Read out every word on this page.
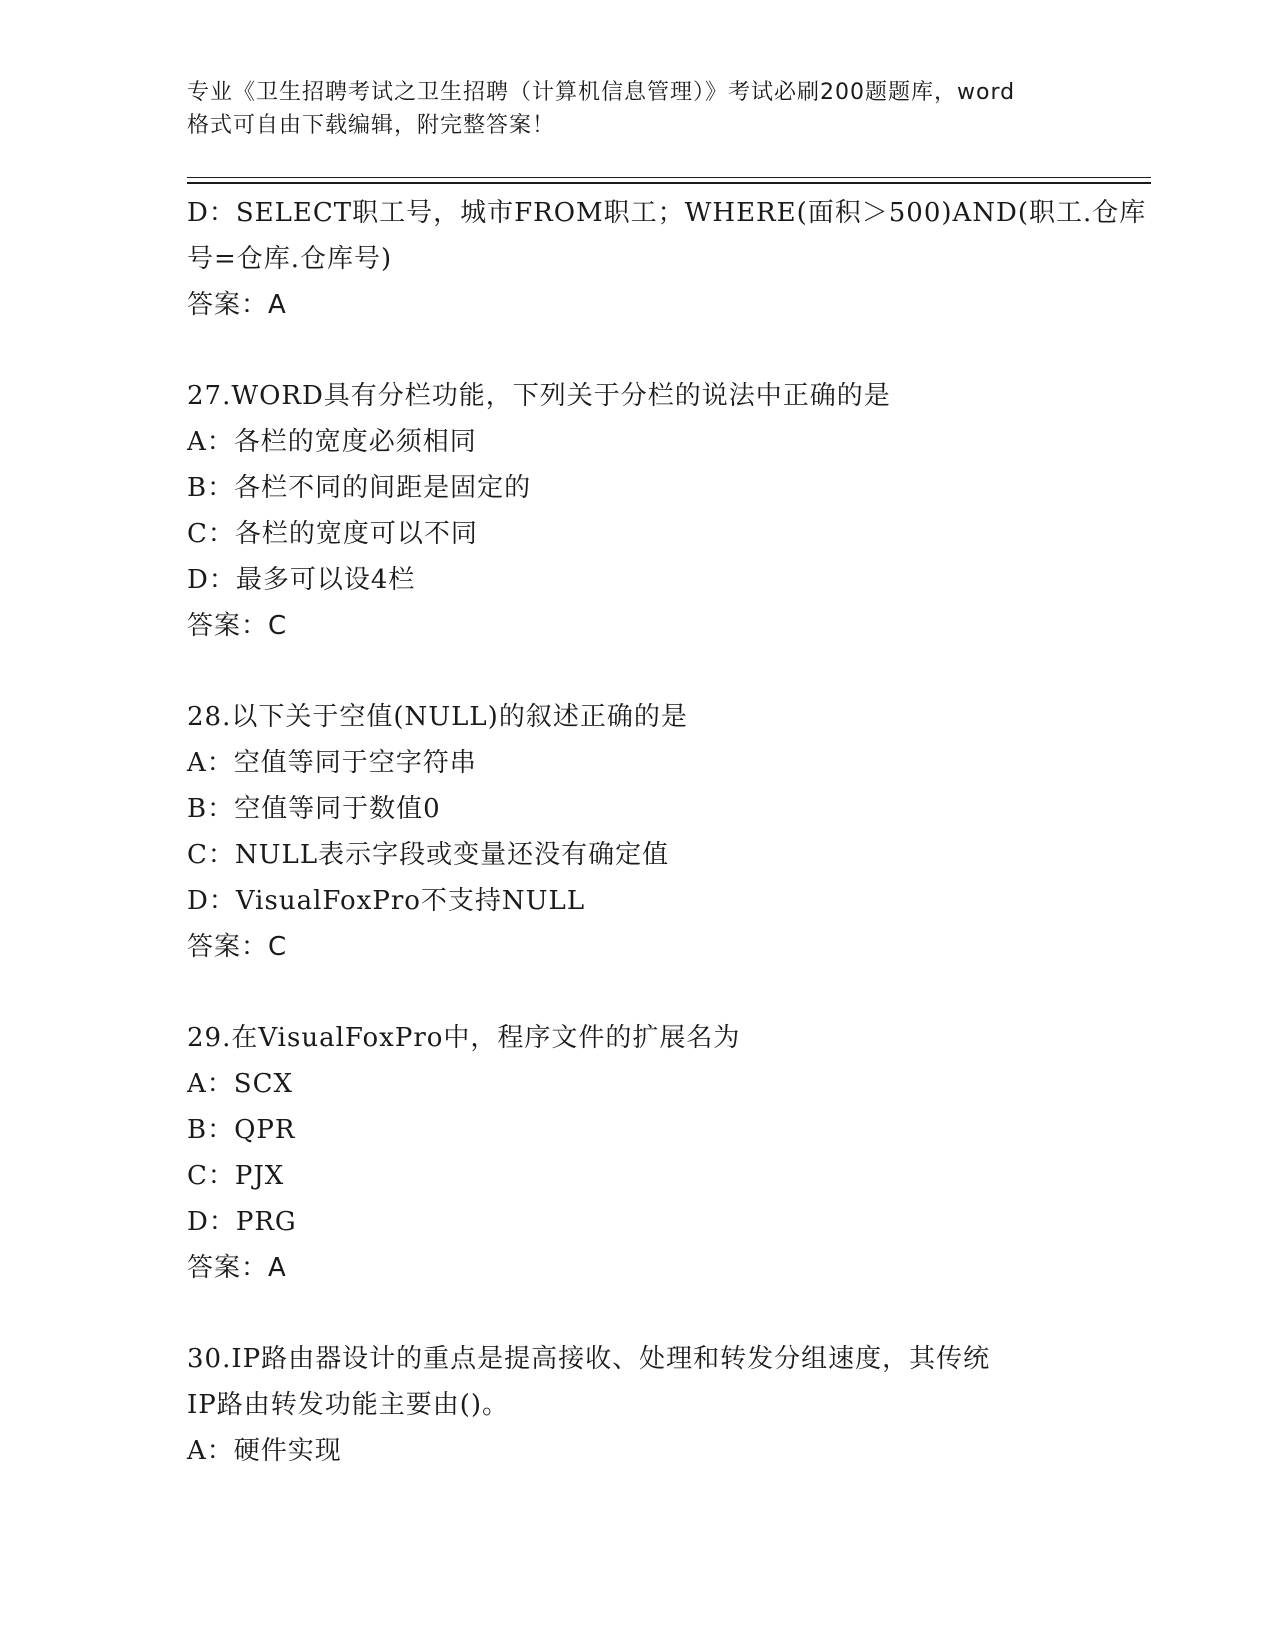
专业《卫生招聘考试之卫生招聘（计算机信息管理）》考试必刷200题题库，word
格式可自由下载编辑，附完整答案！
D：SELECT职工号，城市FROM职工；WHERE(面积＞500)AND(职工.仓库
号=仓库.仓库号)
答案：A
27.WORD具有分栏功能，下列关于分栏的说法中正确的是
A：各栏的宽度必须相同
B：各栏不同的间距是固定的
C：各栏的宽度可以不同
D：最多可以设4栏
答案：C
28.以下关于空值(NULL)的叙述正确的是
A：空值等同于空字符串
B：空值等同于数值0
C：NULL表示字段或变量还没有确定值
D：VisualFoxPro不支持NULL
答案：C
29.在VisualFoxPro中，程序文件的扩展名为
A：SCX
B：QPR
C：PJX
D：PRG
答案：A
30.IP路由器设计的重点是提高接收、处理和转发分组速度，其传统
IP路由转发功能主要由()。
A：硬件实现
